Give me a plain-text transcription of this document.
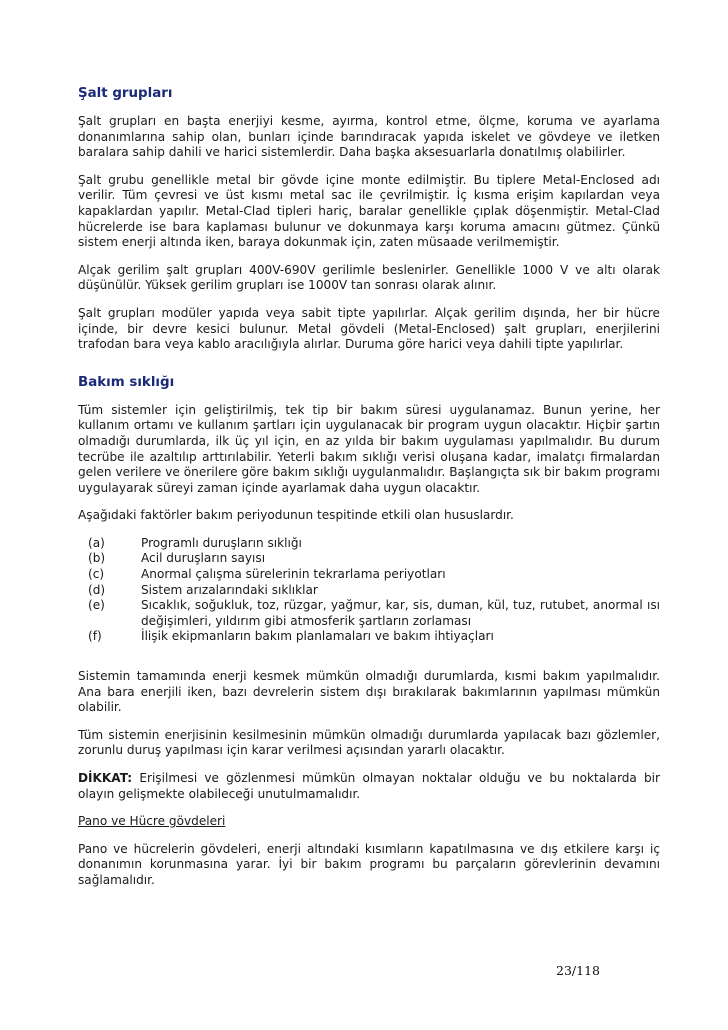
Şalt grupları

Şalt grupları en başta enerjiyi kesme, ayırma, kontrol etme, ölçme, koruma ve ayarlama donanımlarına sahip olan, bunları içinde barındıracak yapıda iskelet ve gövdeye ve iletken baralara sahip dahili ve harici sistemlerdir. Daha başka aksesuarlarla donatılmış olabilirler.

Şalt grubu genellikle metal bir gövde içine monte edilmiştir. Bu tiplere Metal-Enclosed adı verilir. Tüm çevresi ve üst kısmı metal sac ile çevrilmiştir. İç kısma erişim kapılardan veya kapaklardan yapılır. Metal-Clad tipleri hariç, baralar genellikle çıplak döşenmiştir. Metal-Clad hücrelerde ise bara kaplaması bulunur ve dokunmaya karşı koruma amacını gütmez. Çünkü sistem enerji altında iken, baraya dokunmak için, zaten müsaade verilmemiştir.

Alçak gerilim şalt grupları 400V-690V gerilimle beslenirler. Genellikle 1000 V ve altı olarak düşünülür. Yüksek gerilim grupları ise 1000V tan sonrası olarak alınır.

Şalt grupları modüler yapıda veya sabit tipte yapılırlar. Alçak gerilim dışında, her bir hücre içinde, bir devre kesici bulunur. Metal gövdeli (Metal-Enclosed) şalt grupları, enerjilerini trafodan bara veya kablo aracılığıyla alırlar. Duruma göre harici veya dahili tipte yapılırlar.

Bakım sıklığı

Tüm sistemler için geliştirilmiş, tek tip bir bakım süresi uygulanamaz. Bunun yerine, her kullanım ortamı ve kullanım şartları için uygulanacak bir program uygun olacaktır. Hiçbir şartın olmadığı durumlarda, ilk üç yıl için, en az yılda bir bakım uygulaması yapılmalıdır. Bu durum tecrübe ile azaltılıp arttırılabilir. Yeterli bakım sıklığı verisi oluşana kadar, imalatçı firmalardan gelen verilere ve önerilere göre bakım sıklığı uygulanmalıdır. Başlangıçta sık bir bakım programı uygulayarak süreyi zaman içinde ayarlamak daha uygun olacaktır.

Aşağıdaki faktörler bakım periyodunun tespitinde etkili olan hususlardır.

(a)	Programlı duruşların sıklığı
(b)	Acil duruşların sayısı
(c)	Anormal çalışma sürelerinin tekrarlama periyotları
(d)	Sistem arızalarındaki sıklıklar
(e)	Sıcaklık, soğukluk, toz, rüzgar, yağmur, kar, sis, duman, kül, tuz, rutubet, anormal ısı değişimleri, yıldırım gibi atmosferik şartların zorlaması
(f)	İlişik ekipmanların bakım planlamaları ve bakım ihtiyaçları

Sistemin tamamında enerji kesmek mümkün olmadığı durumlarda, kısmi bakım yapılmalıdır. Ana bara enerjili iken, bazı devrelerin sistem dışı bırakılarak bakımlarının yapılması mümkün olabilir.

Tüm sistemin enerjisinin kesilmesinin mümkün olmadığı durumlarda yapılacak bazı gözlemler, zorunlu duruş yapılması için karar verilmesi açısından yararlı olacaktır.

DİKKAT: Erişilmesi ve gözlenmesi mümkün olmayan noktalar olduğu ve bu noktalarda bir olayın gelişmekte olabileceği unutulmamalıdır.

Pano ve Hücre gövdeleri

Pano ve hücrelerin gövdeleri, enerji altındaki kısımların kapatılmasına ve dış etkilere karşı iç donanımın korunmasına yarar. İyi bir bakım programı bu parçaların görevlerinin devamını sağlamalıdır.

23/118
